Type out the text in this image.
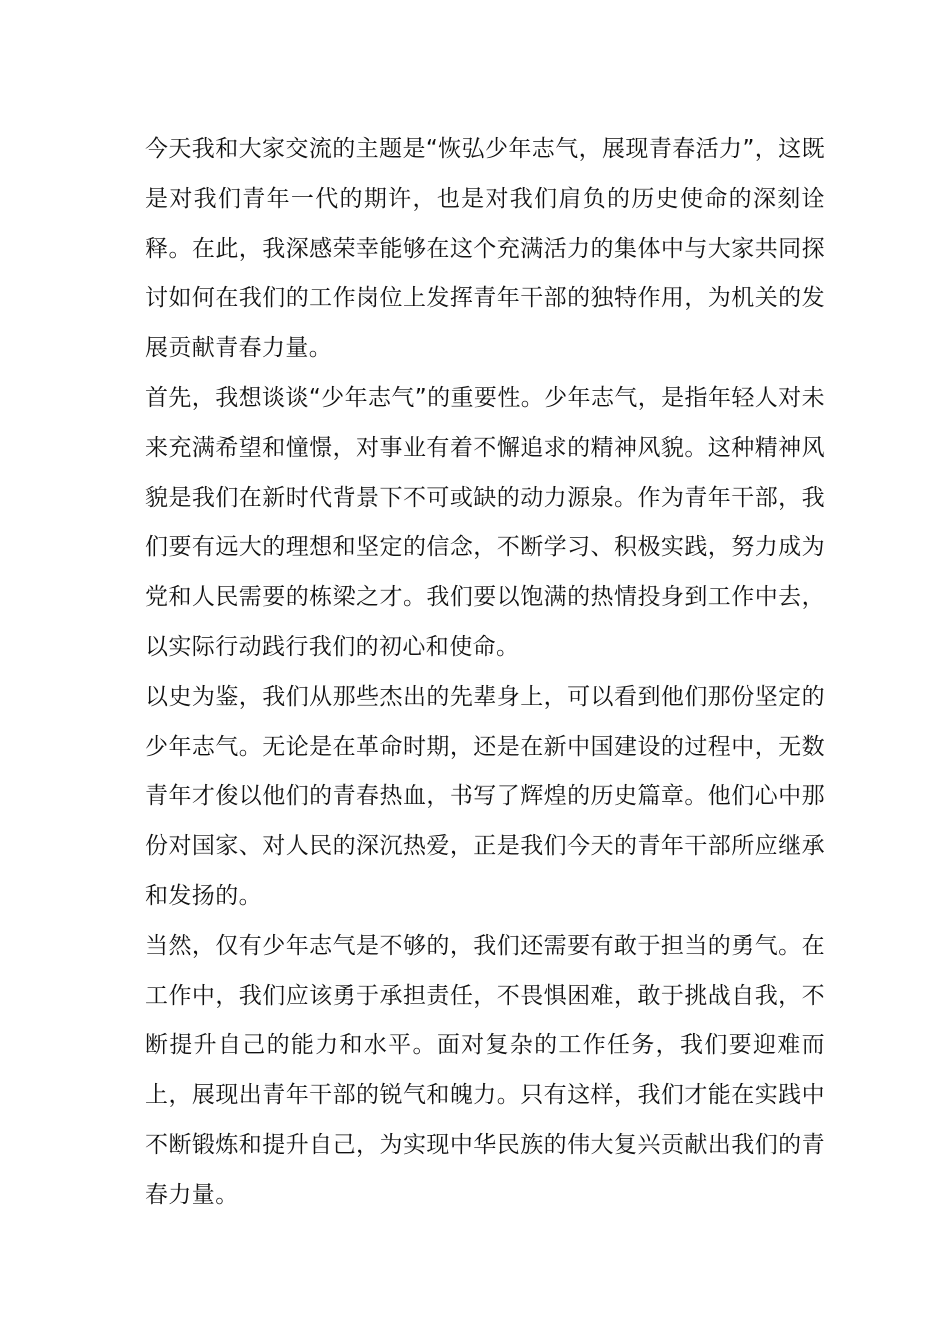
今天我和大家交流的主题是“恢弘少年志气，展现青春活力”，这既是对我们青年一代的期许，也是对我们肩负的历史使命的深刻诠释。在此，我深感荣幸能够在这个充满活力的集体中与大家共同探讨如何在我们的工作岗位上发挥青年干部的独特作用，为机关的发展贡献青春力量。

首先，我想谈谈“少年志气”的重要性。少年志气，是指年轻人对未来充满希望和憧憬，对事业有着不懈追求的精神风貌。这种精神风貌是我们在新时代背景下不可或缺的动力源泉。作为青年干部，我们要有远大的理想和坚定的信念，不断学习、积极实践，努力成为党和人民需要的栋梁之才。我们要以饱满的热情投身到工作中去，以实际行动践行我们的初心和使命。

以史为鉴，我们从那些杰出的先辈身上，可以看到他们那份坚定的少年志气。无论是在革命时期，还是在新中国建设的过程中，无数青年才俊以他们的青春热血，书写了辉煌的历史篇章。他们心中那份对国家、对人民的深沉热爱，正是我们今天的青年干部所应继承和发扬的。

当然，仅有少年志气是不够的，我们还需要有敢于担当的勇气。在工作中，我们应该勇于承担责任，不畏惧困难，敢于挑战自我，不断提升自己的能力和水平。面对复杂的工作任务，我们要迎难而上，展现出青年干部的锐气和魄力。只有这样，我们才能在实践中不断锻炼和提升自己，为实现中华民族的伟大复兴贡献出我们的青春力量。
